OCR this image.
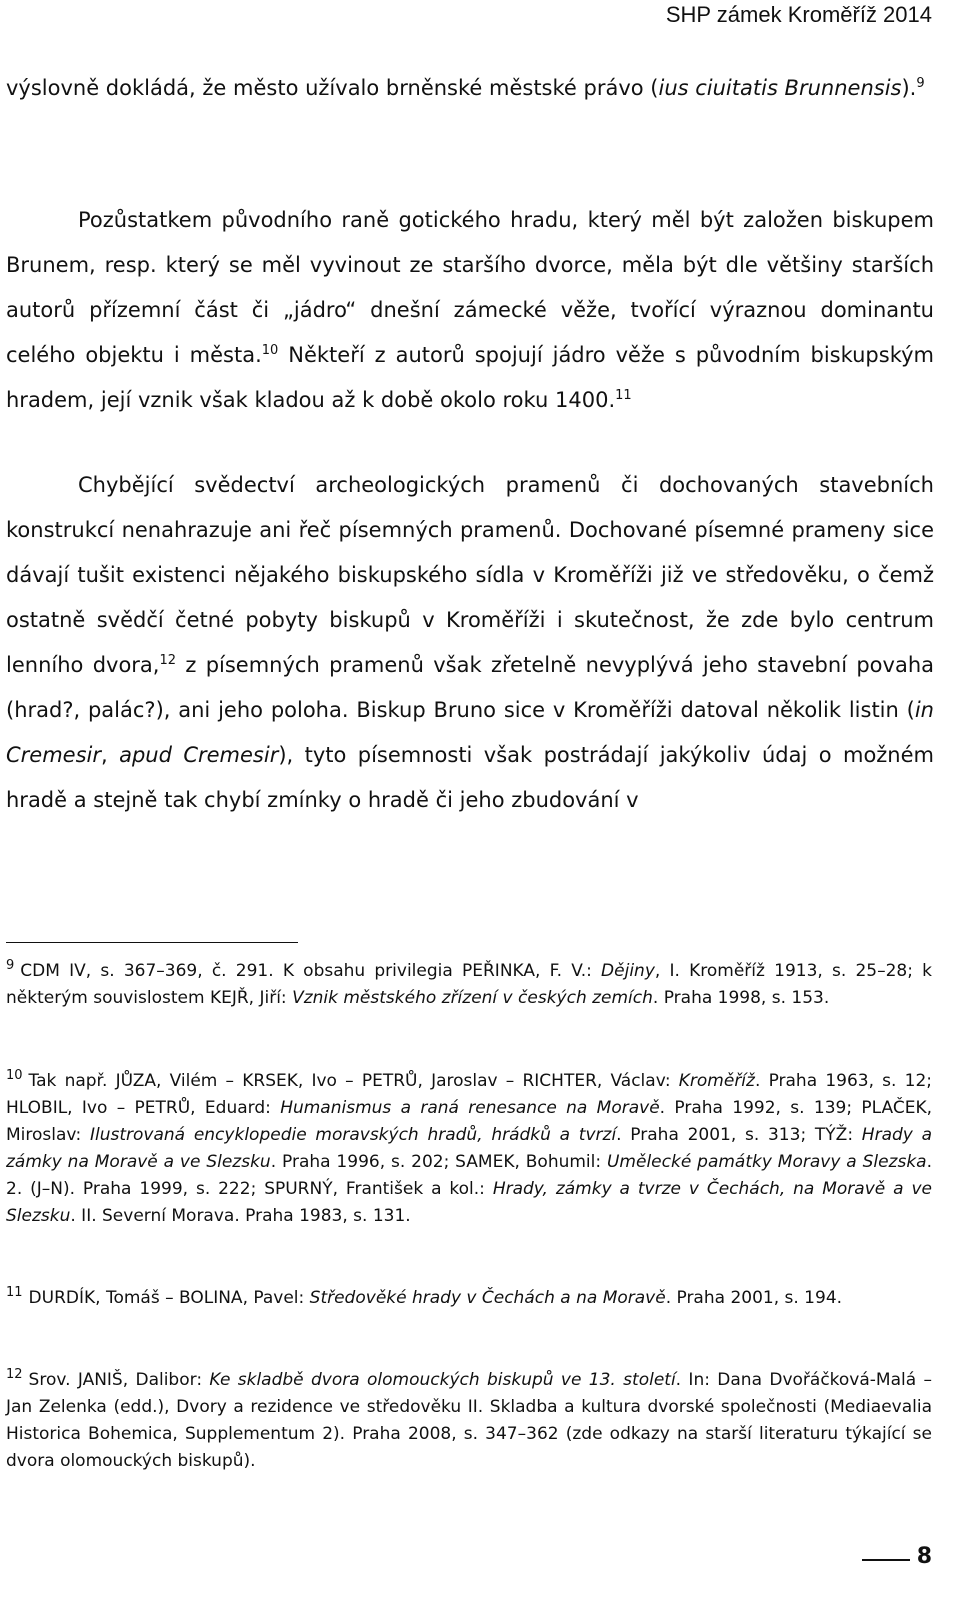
SHP zámek Kroměříž 2014

výslovně dokládá, že město užívalo brněnské městské právo (ius ciuitatis Brunnensis).$^9$

Pozůstatkem původního raně gotického hradu, který měl být založen biskupem Brunem, resp. který se měl vyvinout ze staršího dvorce, měla být dle většiny starších autorů přízemní část či „jádro“ dnešní zámecké věže, tvořící výraznou dominantu celého objektu i města.$^{10}$ Někteří z autorů spojují jádro věže s původním biskupským hradem, její vznik však kladou až k době okolo roku 1400.11

Chybějící svědectví archeologických pramenů či dochovaných stavebních konstrukcí nenahrazuje ani řeč písemných pramenů. Dochované písemné prameny sice dávají tušit existenci nějakého biskupského sídla v Kroměříži již ve středověku, o čemž ostatně svědčí četné pobyty biskupů v Kroměříži i skutečnost, že zde bylo centrum lenního dvora,$^{12}$ z písemných pramenů však zřetelně nevyplývá jeho stavební povaha (hrad?, palác?), ani jeho poloha. Biskup Bruno sice v Kroměříži datoval několik listin (in Cremesir, apud Cremesir), tyto písemnosti však postrádají jakýkoliv údaj o možném hradě a stejně tak chybí zmínky o hradě či jeho zbudování v

$^9$ CDM IV, s. 367–369, č. 291. K obsahu privilegia PEŘINKA, F. V.: Dějiny, I. Kroměříž 1913, s. 25–28; k některým souvislostem KEJŘ, Jiří: Vznik městského zřízení v českých zemích. Praha 1998, s. 153.

$^{10}$ Tak např. JŮZA, Vilém – KRSEK, Ivo – PETRŮ, Jaroslav – RICHTER, Václav: Kroměříž. Praha 1963, s. 12; HLOBIL, Ivo – PETRŮ, Eduard: Humanismus a raná renesance na Moravě. Praha 1992, s. 139; PLAČEK, Miroslav: Ilustrovaná encyklopedie moravských hradů, hrádků a tvrzí. Praha 2001, s. 313; TÝŽ: Hrady a zámky na Moravě a ve Slezsku. Praha 1996, s. 202; SAMEK, Bohumil: Umělecké památky Moravy a Slezska. 2. (J–N). Praha 1999, s. 222; SPURNÝ, František a kol.: Hrady, zámky a tvrze v Čechách, na Moravě a ve Slezsku. II. Severní Morava. Praha 1983, s. 131.

$^{11}$ DURDÍK, Tomáš – BOLINA, Pavel: Středověké hrady v Čechách a na Moravě. Praha 2001, s. 194.

$^{12}$ Srov. JANIŠ, Dalibor: Ke skladbě dvora olomouckých biskupů ve 13. století. In: Dana Dvořáčková-Malá – Jan Zelenka (edd.), Dvory a rezidence ve středověku II. Skladba a kultura dvorské společnosti (Mediaevalia Historica Bohemica, Supplementum 2). Praha 2008, s. 347–362 (zde odkazy na starší literaturu týkající se dvora olomouckých biskupů).

8
